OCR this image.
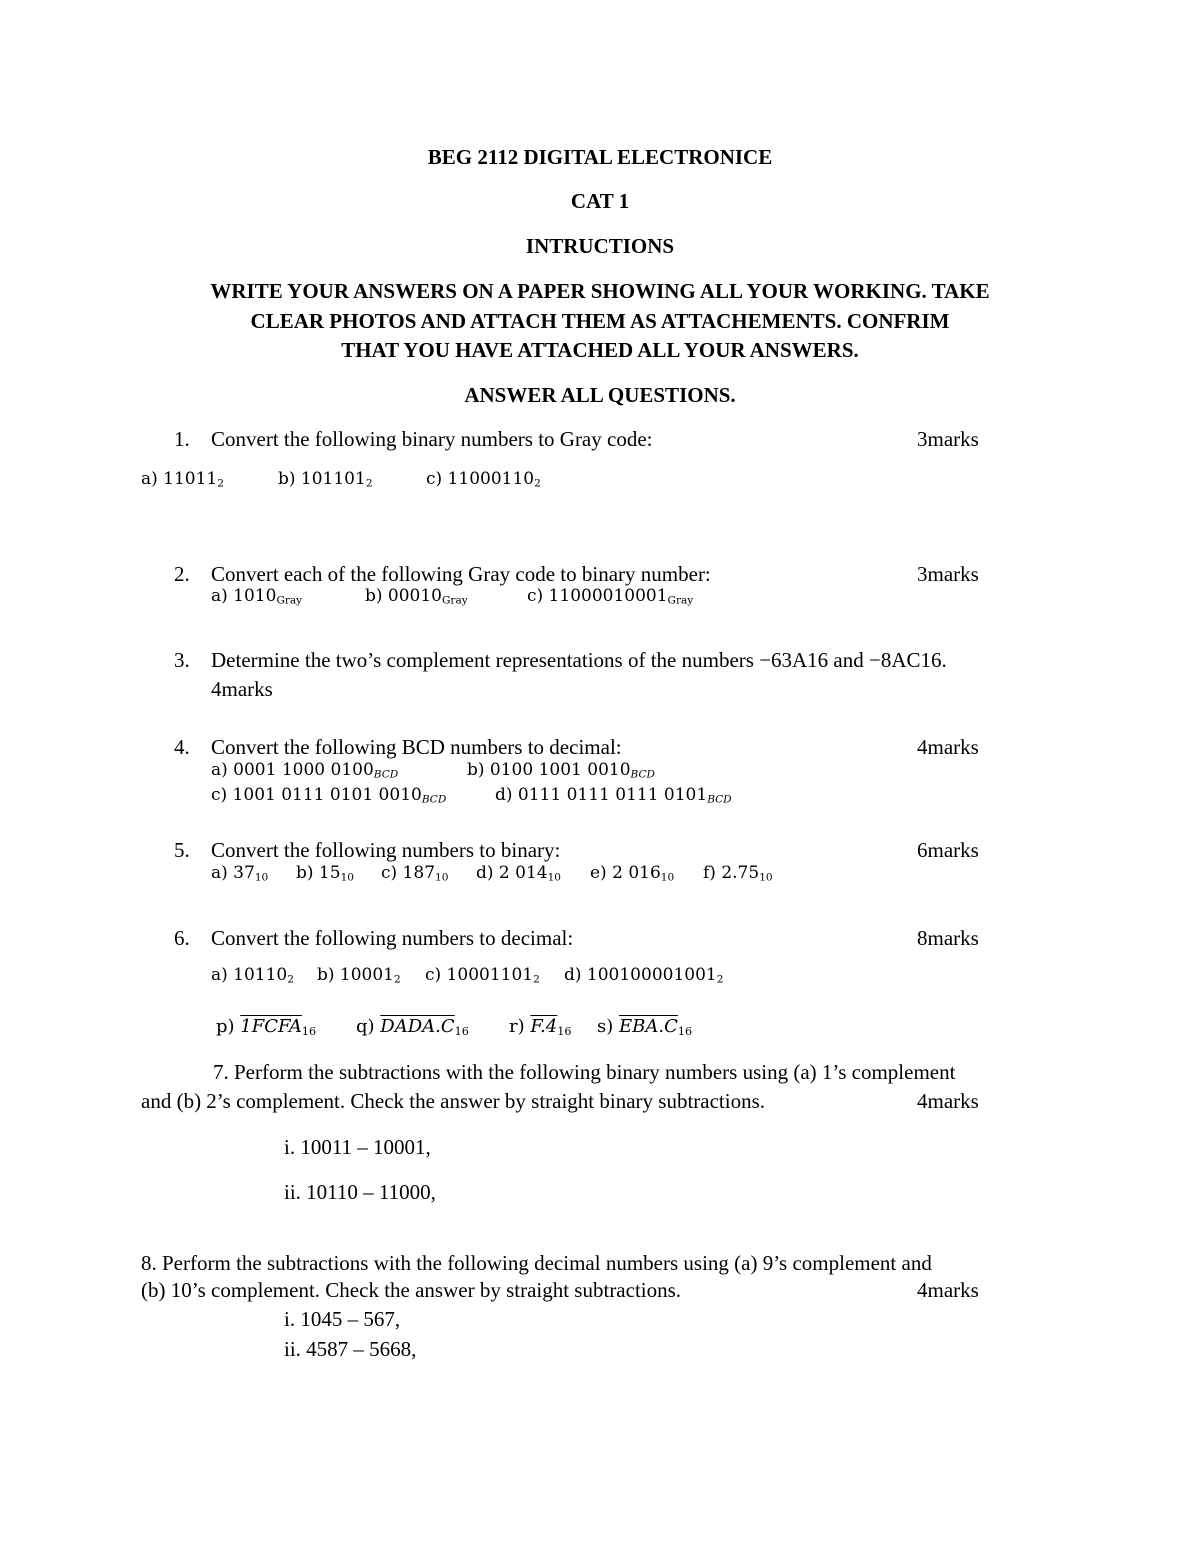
BEG 2112 DIGITAL ELECTRONICE
CAT 1
INTRUCTIONS
WRITE YOUR ANSWERS ON A PAPER SHOWING ALL YOUR WORKING. TAKE
CLEAR PHOTOS AND ATTACH THEM AS ATTACHEMENTS. CONFRIM
THAT YOU HAVE ATTACHED ALL YOUR ANSWERS.
ANSWER ALL QUESTIONS.
1. Convert the following binary numbers to Gray code:	3marks
a) $11011_2$	b) $101101_2$	c) $11000110_2$
2. Convert each of the following Gray code to binary number:	3marks
a) $1010_{Gray}$	b) $00010_{Gray}$	c) $11000010001_{Gray}$
3. Determine the two’s complement representations of the numbers −63A16 and −8AC16.
4marks
4. Convert the following BCD numbers to decimal:	4marks
a) 0001 1000 $0100_{BCD}$	b) 0100 1001 $0010_{BCD}$
c) 1001 0111 0101 $0010_{BCD}$	d) 0111 0111 0111 $0101_{BCD}$
5. Convert the following numbers to binary:	6marks
a) $37_{10}$ b) $15_{10}$ c) $187_{10}$ d) 2 $014_{10}$ e) 2 $016_{10}$ f) $2.75_{10}$
6. Convert the following numbers to decimal:	8marks
a) $10110_2$ b) $10001_2$ c) $10001101_2$ d) $100100001001_2$
p) $1FCFA_{16}$ q) $DADA.C_{16}$ r) $F.4_{16}$ s) $EBA.C_{16}$
7. Perform the subtractions with the following binary numbers using (a) 1’s complement
and (b) 2’s complement. Check the answer by straight binary subtractions.	4marks
i. 10011 – 10001,
ii. 10110 – 11000,
8. Perform the subtractions with the following decimal numbers using (a) 9’s complement and
(b) 10’s complement. Check the answer by straight subtractions.	4marks
i. 1045 – 567,
ii. 4587 – 5668,
